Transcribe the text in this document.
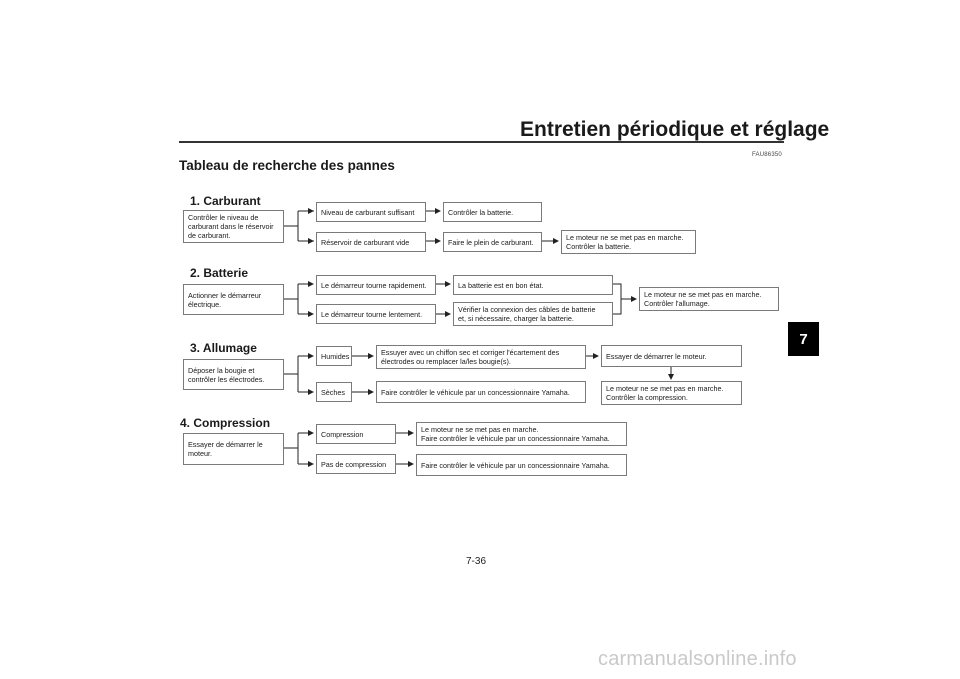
Entretien périodique et réglage
FAU86350
Tableau de recherche des pannes
7
1. Carburant
Contrôler le niveau de
carburant dans le réservoir
de carburant.
Niveau de carburant suffisant	Contrôler la batterie.
Réservoir de carburant vide	Faire le plein de carburant.	Le moteur ne se met pas en marche.
Contrôler la batterie.
2. Batterie
Actionner le démarreur
électrique.
Le démarreur tourne rapidement.	La batterie est en bon état.
Le démarreur tourne lentement.	Vérifier la connexion des câbles de batterie
et, si nécessaire, charger la batterie.
Le moteur ne se met pas en marche.
Contrôler l'allumage.
3. Allumage
Déposer la bougie et
contrôler les électrodes.
Humides	Essuyer avec un chiffon sec et corriger l'écartement des
électrodes ou remplacer la/les bougie(s).
Essayer de démarrer le moteur.
Sèches	Faire contrôler le véhicule par un concessionnaire Yamaha.	Le moteur ne se met pas en marche.
Contrôler la compression.
4. Compression
Essayer de démarrer le
moteur.
Compression	Le moteur ne se met pas en marche.
Faire contrôler le véhicule par un concessionnaire Yamaha.
Pas de compression	Faire contrôler le véhicule par un concessionnaire Yamaha.
7-36
carmanualsonline.info
